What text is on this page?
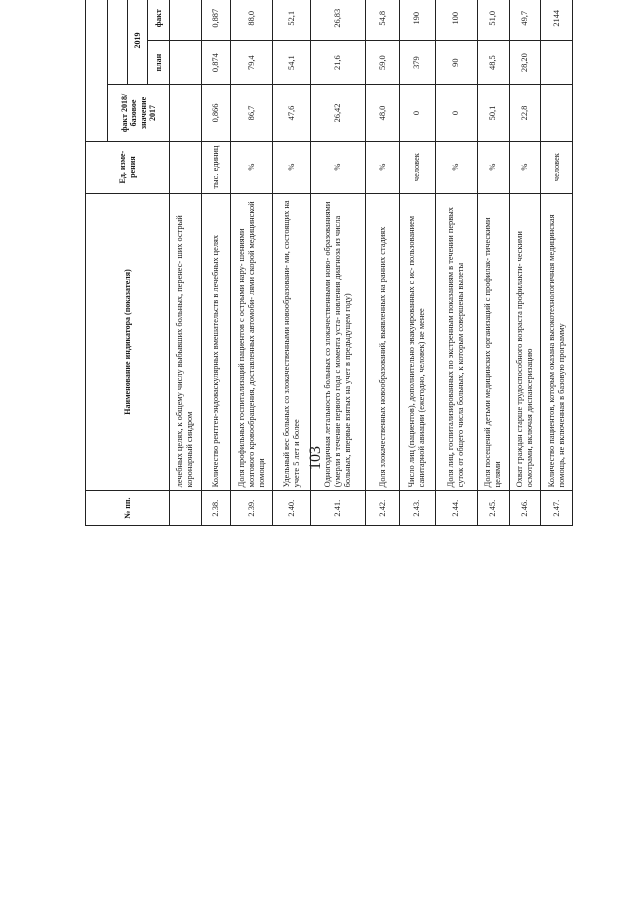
103
№ пп.	Наименование индикатора (показателя)	Ед. изме- рения	
			факт 2018/ базовое значение 2017	
				2019						
				план	факт							
	лечебных целях, к общему числу выбывших больных, перенес- ших острый коронарный синдром											
2.38.	Количество рентген-эндоваскулярных вмешательств в лечебных целях	тыс. единиц	0,866	0,874	0,887							
2.39.	Доля профильных госпитализаций пациентов с острыми нару- шениями мозгового кровообращения, доставленных автомоби- лями скорой медицинской помощи	%	86,7	79,4	88,0							
2.40.	Удельный вес больных со злокачественными новообразовани- ми, состоящих на учете 5 лет и более	%	47,6	54,1	52,1							
2.41.	Одногодичная летальность больных со злокачественными ново- образованиями (умерли в течение первого года с момента уста- новления диагноза из числа больных, впервые взятых на учет в предыдущем году)	%	26,42	21,6	26,83							
2.42.	Доля злокачественных новообразований, выявленных на ранних стадиях	%	48,0	59,0	54,8							
2.43.	Число лиц (пациентов), дополнительно эвакуированных с ис- пользованием санитарной авиации (ежегодно, человек) не менее	человек	0	379	190							
2.44.	Доля лиц, госпитализированных по экстренным показаниям в течении первых суток от общего числа больных, к которым совершены вылеты	%	0	90	100							
2.45.	Доля посещений детьми медицинских организаций с профилак- тическими целями	%	50,1	48,5	51,0							
2.46.	Охват граждан старше трудоспособного возраста профилакти- ческими осмотрами, включая диспансеризацию	%	22,8	28,20	49,7							
2.47.	Количество пациентов, которым оказана высокотехнологичная медицинская помощь, не включенная в базовую программу	человек			2144							
